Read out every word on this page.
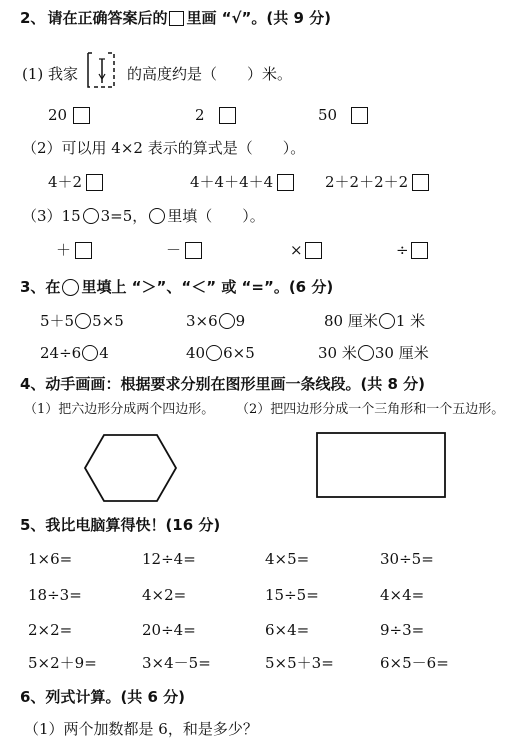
2、 请在正确答案后的 里画 “√”。(共 9 分)
(1) 我家	的高度约是（　　）米。
20	2	50
（2）可以用 4×2 表示的算式是（　　）。
4＋2	4＋4＋4＋4	2＋2＋2＋2
（3）15 3=5， 里填（　　）。
＋	－	×	÷
3、在 里填上 “＞”、“＜” 或 “=”。(6 分)
5＋5 5×5	3×6 9	80 厘米 1 米
24÷6 4	40 6×5	30 米 30 厘米
4、动手画画：根据要求分别在图形里画一条线段。(共 8 分)
（1）把六边形分成两个四边形。 （2）把四边形分成一个三角形和一个五边形。
5、我比电脑算得快！(16 分)
1×6=	12÷4=	4×5=	30÷5=
18÷3=	4×2=	15÷5=	4×4=
2×2=	20÷4=	6×4=	9÷3=
5×2＋9=	3×4－5=	5×5＋3=	6×5－6=
6、列式计算。(共 6 分)
（1）两个加数都是 6，和是多少？
